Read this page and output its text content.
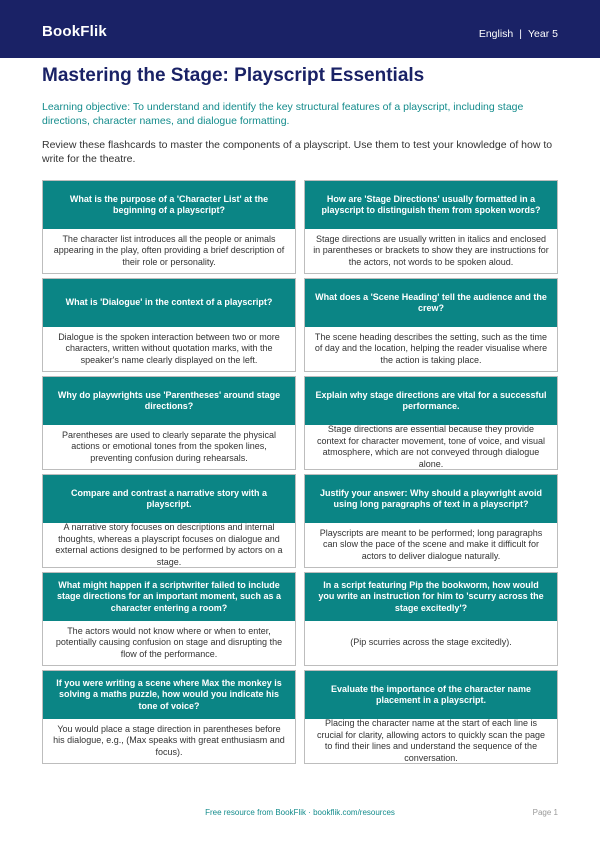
BookFlik	English | Year 5
Mastering the Stage: Playscript Essentials

Learning objective: To understand and identify the key structural features of a playscript, including stage directions, character names, and dialogue formatting.

Review these flashcards to master the components of a playscript. Use them to test your knowledge of how to write for the theatre.

What is the purpose of a 'Character List' at the beginning of a playscript?
The character list introduces all the people or animals appearing in the play, often providing a brief description of their role or personality.
How are 'Stage Directions' usually formatted in a playscript to distinguish them from spoken words?
Stage directions are usually written in italics and enclosed in parentheses or brackets to show they are instructions for the actors, not words to be spoken aloud.
What is 'Dialogue' in the context of a playscript?
Dialogue is the spoken interaction between two or more characters, written without quotation marks, with the speaker's name clearly displayed on the left.
What does a 'Scene Heading' tell the audience and the crew?
The scene heading describes the setting, such as the time of day and the location, helping the reader visualise where the action is taking place.
Why do playwrights use 'Parentheses' around stage directions?
Parentheses are used to clearly separate the physical actions or emotional tones from the spoken lines, preventing confusion during rehearsals.
Explain why stage directions are vital for a successful performance.
Stage directions are essential because they provide context for character movement, tone of voice, and visual atmosphere, which are not conveyed through dialogue alone.
Compare and contrast a narrative story with a playscript.
A narrative story focuses on descriptions and internal thoughts, whereas a playscript focuses on dialogue and external actions designed to be performed by actors on a stage.
Justify your answer: Why should a playwright avoid using long paragraphs of text in a playscript?
Playscripts are meant to be performed; long paragraphs can slow the pace of the scene and make it difficult for actors to deliver dialogue naturally.
What might happen if a scriptwriter failed to include stage directions for an important moment, such as a character entering a room?
The actors would not know where or when to enter, potentially causing confusion on stage and disrupting the flow of the performance.
In a script featuring Pip the bookworm, how would you write an instruction for him to 'scurry across the stage excitedly'?
(Pip scurries across the stage excitedly).
If you were writing a scene where Max the monkey is solving a maths puzzle, how would you indicate his tone of voice?
You would place a stage direction in parentheses before his dialogue, e.g., (Max speaks with great enthusiasm and focus).
Evaluate the importance of the character name placement in a playscript.
Placing the character name at the start of each line is crucial for clarity, allowing actors to quickly scan the page to find their lines and understand the sequence of the conversation.
Free resource from BookFlik · bookflik.com/resources	Page 1
